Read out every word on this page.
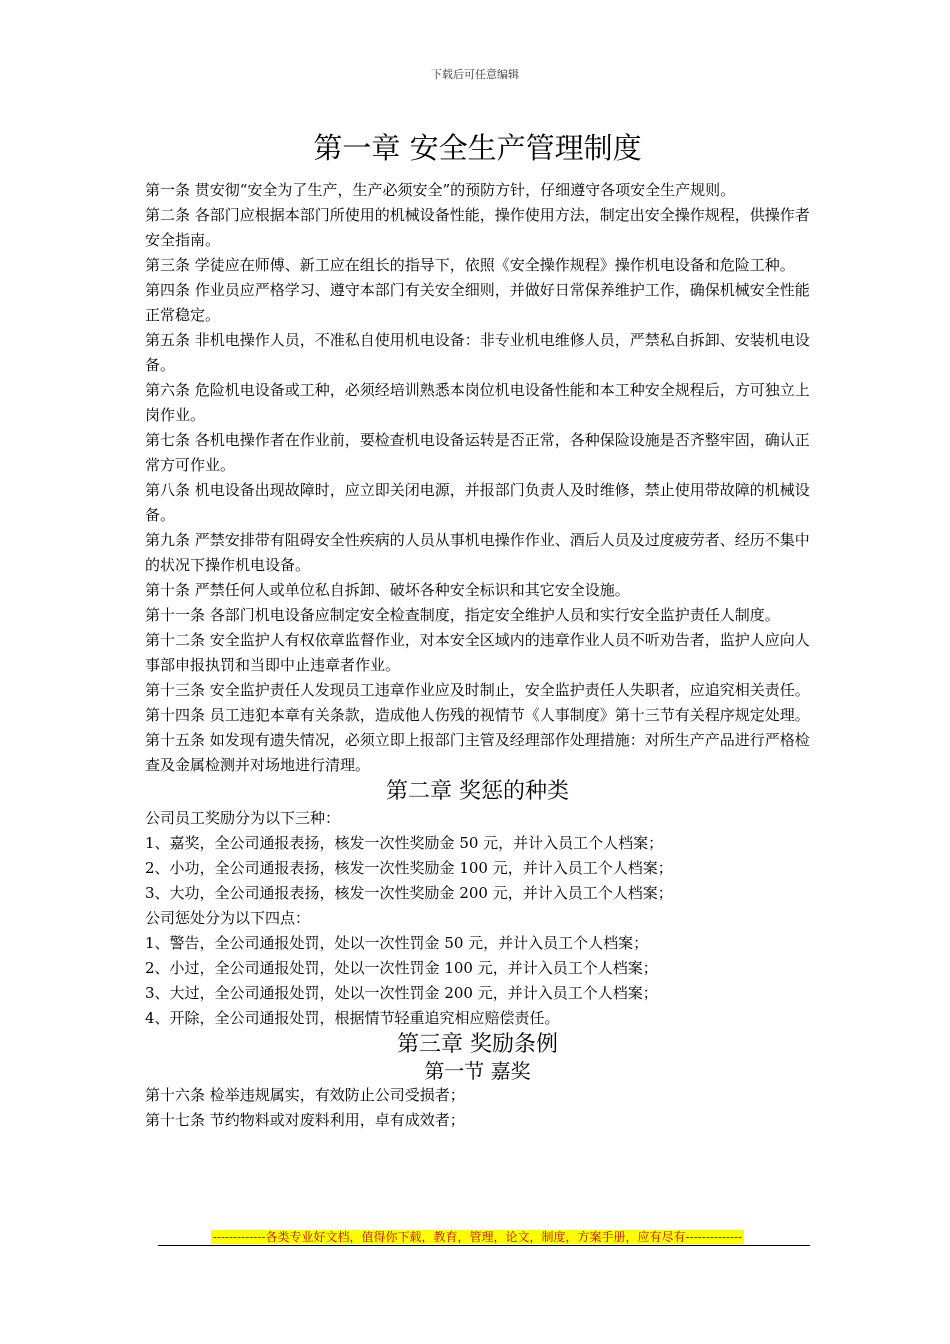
下载后可任意编辑
第一章 安全生产管理制度

第一条 贯安彻“安全为了生产，生产必须安全”的预防方针，仔细遵守各项安全生产规则。

第二条 各部门应根据本部门所使用的机械设备性能，操作使用方法，制定出安全操作规程，供操作者安全指南。

第三条 学徒应在师傅、新工应在组长的指导下，依照《安全操作规程》操作机电设备和危险工种。

第四条 作业员应严格学习、遵守本部门有关安全细则，并做好日常保养维护工作，确保机械安全性能正常稳定。

第五条 非机电操作人员，不准私自使用机电设备：非专业机电维修人员，严禁私自拆卸、安装机电设备。

第六条 危险机电设备或工种，必须经培训熟悉本岗位机电设备性能和本工种安全规程后，方可独立上岗作业。

第七条 各机电操作者在作业前，要检查机电设备运转是否正常，各种保险设施是否齐整牢固，确认正常方可作业。

第八条 机电设备出现故障时，应立即关闭电源，并报部门负责人及时维修，禁止使用带故障的机械设备。

第九条 严禁安排带有阻碍安全性疾病的人员从事机电操作作业、酒后人员及过度疲劳者、经历不集中的状况下操作机电设备。

第十条 严禁任何人或单位私自拆卸、破坏各种安全标识和其它安全设施。

第十一条 各部门机电设备应制定安全检查制度，指定安全维护人员和实行安全监护责任人制度。

第十二条 安全监护人有权依章监督作业，对本安全区域内的违章作业人员不听劝告者，监护人应向人事部申报执罚和当即中止违章者作业。

第十三条 安全监护责任人发现员工违章作业应及时制止，安全监护责任人失职者，应追究相关责任。

第十四条 员工违犯本章有关条款，造成他人伤残的视情节《人事制度》第十三节有关程序规定处理。

第十五条 如发现有遗失情况，必须立即上报部门主管及经理部作处理措施：对所生产产品进行严格检查及金属检测并对场地进行清理。

第二章 奖惩的种类

公司员工奖励分为以下三种：

1、嘉奖，全公司通报表扬，核发一次性奖励金 50 元，并计入员工个人档案；

2、小功，全公司通报表扬，核发一次性奖励金 100 元，并计入员工个人档案；

3、大功，全公司通报表扬，核发一次性奖励金 200 元，并计入员工个人档案；

公司惩处分为以下四点：

1、警告，全公司通报处罚，处以一次性罚金 50 元，并计入员工个人档案；

2、小过，全公司通报处罚，处以一次性罚金 100 元，并计入员工个人档案；

3、大过，全公司通报处罚，处以一次性罚金 200 元，并计入员工个人档案；

4、开除，全公司通报处罚，根据情节轻重追究相应赔偿责任。

第三章 奖励条例
第一节 嘉奖

第十六条 检举违规属实，有效防止公司受损者；

第十七条 节约物料或对废料利用，卓有成效者；

-------------各类专业好文档，值得你下载，教育，管理，论文，制度，方案手册，应有尽有--------------
